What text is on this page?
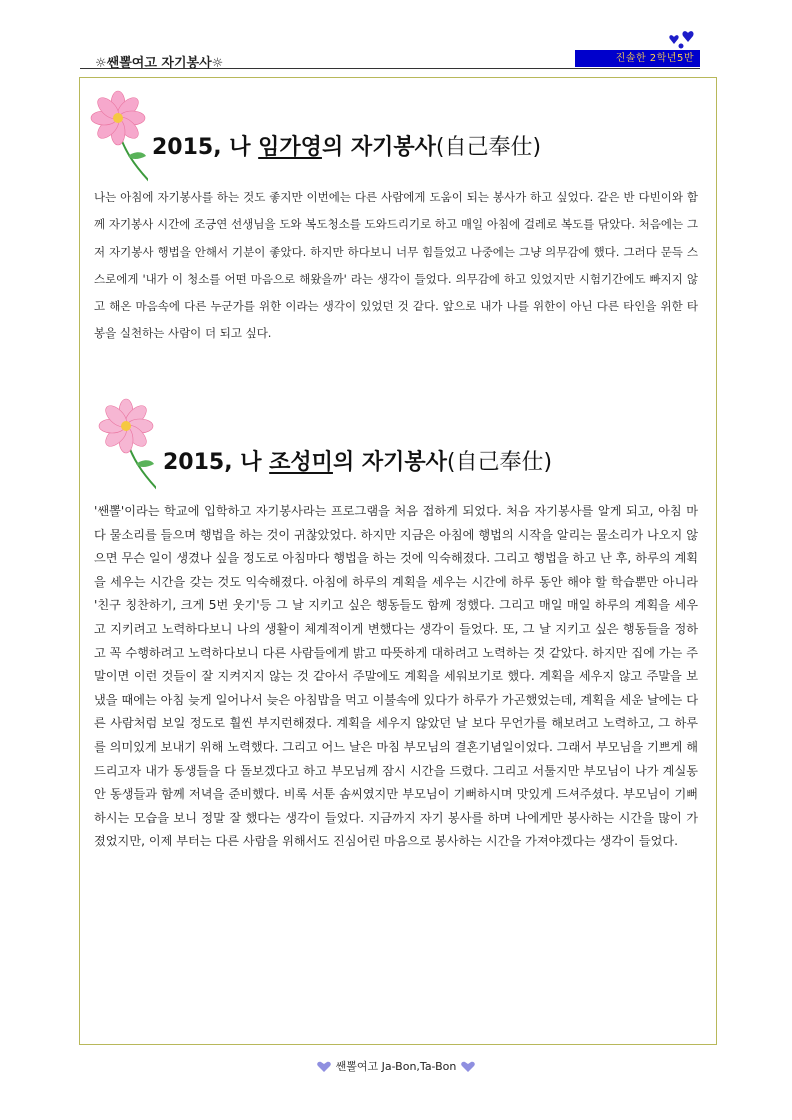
☼쌘뽈여고 자기봉사☼	진솔한 2학년5반
2015, 나 임가영의 자기봉사(自己奉仕)

나는 아침에 자기봉사를 하는 것도 좋지만 이번에는 다른 사람에게 도움이 되는 봉사가 하고 싶었다. 같은 반 다빈이와 함께 자기봉사 시간에 조긍연 선생님을 도와 복도청소를 도와드리기로 하고 매일 아침에 걸레로 복도를 닦았다. 처음에는 그저 자기봉사 행법을 안해서 기분이 좋았다. 하지만 하다보니 너무 힘들었고 나중에는 그냥 의무감에 했다. 그러다 문득 스스로에게 '내가 이 청소를 어떤 마음으로 해왔을까' 라는 생각이 들었다. 의무감에 하고 있었지만 시험기간에도 빠지지 않고 해온 마음속에 다른 누군가를 위한 이라는 생각이 있었던 것 같다. 앞으로 내가 나를 위한이 아닌 다른 타인을 위한 타봉을 실천하는 사람이 더 되고 싶다.

2015, 나 조성미의 자기봉사(自己奉仕)

'쌘뽈'이라는 학교에 입학하고 자기봉사라는 프로그램을 처음 접하게 되었다. 처음 자기봉사를 알게 되고, 아침 마다 물소리를 들으며 행법을 하는 것이 귀찮았었다. 하지만 지금은 아침에 행법의 시작을 알리는 물소리가 나오지 않으면 무슨 일이 생겼나 싶을 정도로 아침마다 행법을 하는 것에 익숙해졌다. 그리고 행법을 하고 난 후, 하루의 계획을 세우는 시간을 갖는 것도 익숙해졌다. 아침에 하루의 계획을 세우는 시간에 하루 동안 해야 할 학습뿐만 아니라 '친구 칭찬하기, 크게 5번 웃기'등 그 날 지키고 싶은 행동들도 함께 정했다. 그리고 매일 매일 하루의 계획을 세우고 지키려고 노력하다보니 나의 생활이 체계적이게 변했다는 생각이 들었다. 또, 그 날 지키고 싶은 행동들을 정하고 꼭 수행하려고 노력하다보니 다른 사람들에게 밝고 따뜻하게 대하려고 노력하는 것 같았다. 하지만 집에 가는 주말이면 이런 것들이 잘 지켜지지 않는 것 같아서 주말에도 계획을 세워보기로 했다. 계획을 세우지 않고 주말을 보냈을 때에는 아침 늦게 일어나서 늦은 아침밥을 먹고 이불속에 있다가 하루가 가곤했었는데, 계획을 세운 날에는 다른 사람처럼 보일 정도로 훨씬 부지런해졌다. 계획을 세우지 않았던 날 보다 무언가를 해보려고 노력하고, 그 하루를 의미있게 보내기 위해 노력했다. 그리고 어느 날은 마침 부모님의 결혼기념일이었다. 그래서 부모님을 기쁘게 해드리고자 내가 동생들을 다 돌보겠다고 하고 부모님께 잠시 시간을 드렸다. 그리고 서툴지만 부모님이 나가 계실동안 동생들과 함께 저녁을 준비했다. 비록 서툰 솜씨였지만 부모님이 기뻐하시며 맛있게 드셔주셨다. 부모님이 기뻐하시는 모습을 보니 정말 잘 했다는 생각이 들었다. 지금까지 자기 봉사를 하며 나에게만 봉사하는 시간을 많이 가졌었지만, 이제 부터는 다른 사람을 위해서도 진심어린 마음으로 봉사하는 시간을 가져야겠다는 생각이 들었다.

쌘뽈여고 Ja-Bon,Ta-Bon
